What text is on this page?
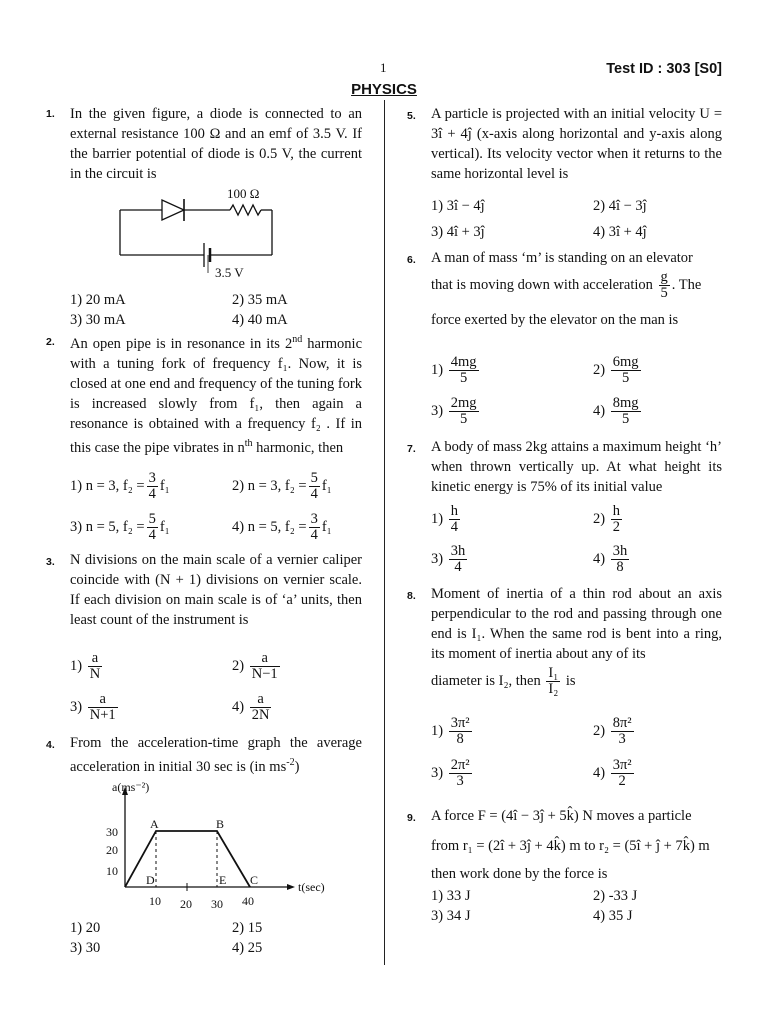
1	Test ID : 303 [S0]
PHYSICS
1. In the given figure, a diode is connected to an external resistance 100 Ω and an emf of 3.5 V. If the barrier potential of diode is 0.5 V, the current in the circuit is
100 Ω
3.5 V
1) 20 mA	2) 35 mA
3) 30 mA	4) 40 mA
2. An open pipe is in resonance in its 2nd harmonic with a tuning fork of frequency f₁. Now, it is closed at one end and frequency of the tuning fork is increased slowly from f₁, then again a resonance is obtained with a frequency f₂ . If in this case the pipe vibrates in $n^{th}$ harmonic, then
1) n = 3, $f_2 = \frac{3}{4} f_1$	2) n = 3, $f_2 = \frac{5}{4} f_1$
3) n = 5, $f_2 = \frac{5}{4} f_1$	4) n = 5, $f_2 = \frac{3}{4} f_1$
3. N divisions on the main scale of a vernier caliper coincide with (N + 1) divisions on vernier scale. If each division on main scale is of ‘a’ units, then least count of the instrument is
$1) \frac{a}{N}$	$2) \frac{a}{N-1}$
$3) \frac{a}{N+1}$	$4) \frac{a}{2N}$
4. From the acceleration-time graph the average acceleration in initial 30 sec is (in $ms^{-2}$)
a(ms⁻²)
t(sec)
30
20
10
10 20 30 40
A	B
C
D	E
1) 20	2) 15
3) 30	4) 25
5. A particle is projected with an initial velocity U = 3î + 4ĵ (x-axis along horizontal and y-axis along vertical). Its velocity vector when it returns to the same horizontal level is
1) 3î − 4ĵ	2) 4î − 3ĵ
3) 4î + 3ĵ	4) 3î + 4ĵ
6. A man of mass ‘m’ is standing on an elevator
that is moving down with acceleration $\frac{g}{5}$ . The
force exerted by the elevator on the man is
$1) \frac{4mg}{5}$	$2) \frac{6mg}{5}$
$3) \frac{2mg}{5}$	$4) \frac{8mg}{5}$
7. A body of mass 2kg attains a maximum height ‘h’ when thrown vertically up. At what height its kinetic energy is 75% of its initial value
$1) \frac{h}{4}$	$2) \frac{h}{2}$
$3) \frac{3h}{4}$	$4) \frac{3h}{8}$
8. Moment of inertia of a thin rod about an axis perpendicular to the rod and passing through one end is I₁. When the same rod is bent into a ring, its moment of inertia about any of its
diameter is I₂, then $\frac{\text{I₁}}{\text{I₂}}$ is
$1) \frac{\text{3π²}}{8}$	$2) \frac{\text{8π²}}{3}$
$3) \frac{\text{2π²}}{3}$	$4) \frac{\text{3π²}}{2}$
9. A force F = (4î − 3ĵ + 5k̂) N moves a particle
from r₁ = (2î + 3ĵ + 4k̂) m to r₂ = (5î + ĵ + 7k̂) m
then work done by the force is
1) 33 J	2) -33 J
3) 34 J	4) 35 J
